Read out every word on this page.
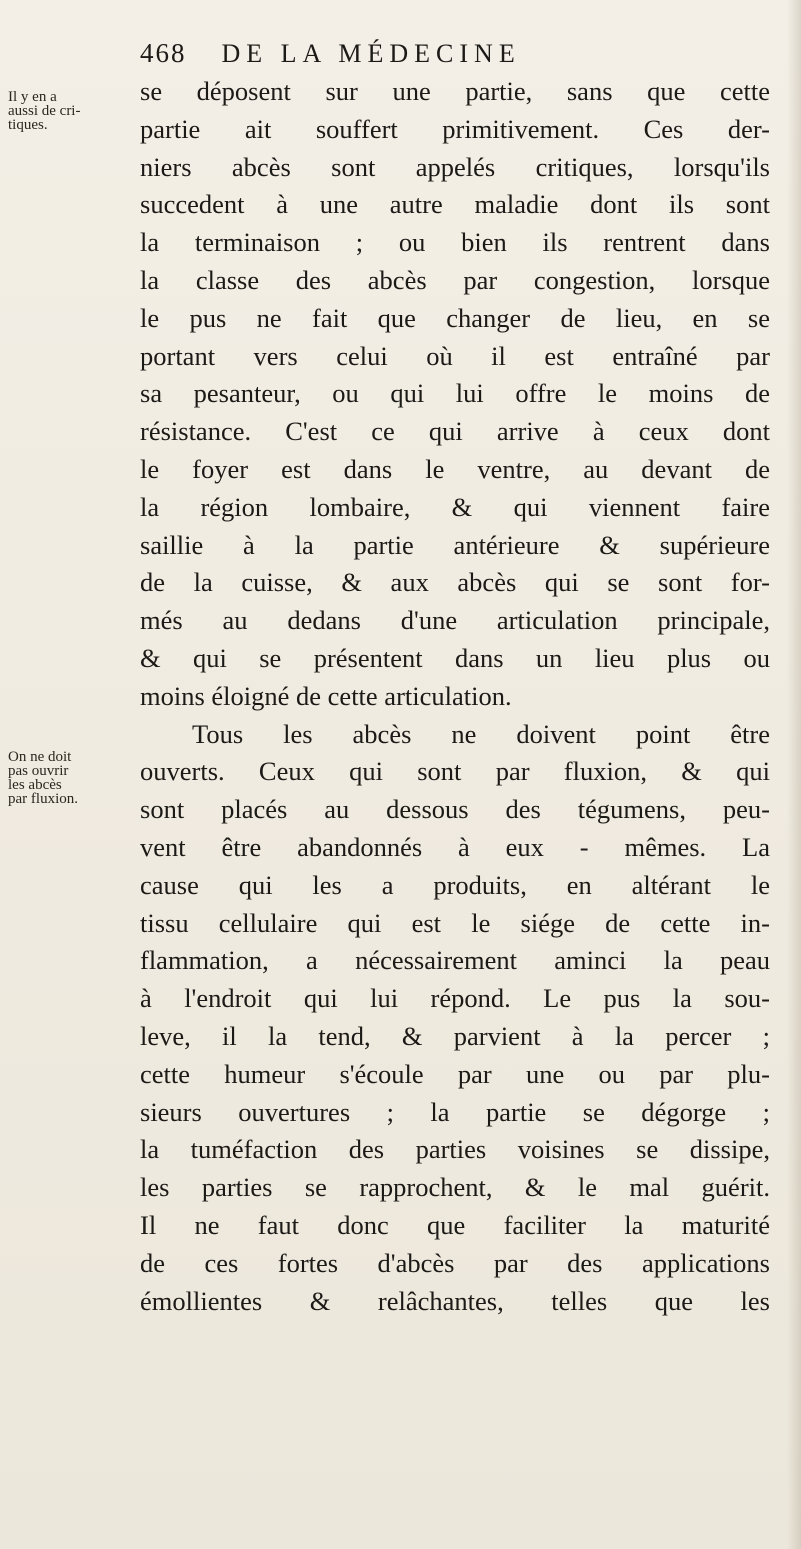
468 DE LA MÉDECINE
Il y en a
aussi de cri-
tiques.
On ne doit
pas ouvrir
les abcès
par fluxion.
se déposent sur une partie, sans que cette
partie ait souffert primitivement. Ces der-
niers abcès sont appelés critiques, lorsqu'ils
succedent à une autre maladie dont ils sont
la terminaison ; ou bien ils rentrent dans
la classe des abcès par congestion, lorsque
le pus ne fait que changer de lieu, en se
portant vers celui où il est entraîné par
sa pesanteur, ou qui lui offre le moins de
résistance. C'est ce qui arrive à ceux dont
le foyer est dans le ventre, au devant de
la région lombaire, & qui viennent faire
saillie à la partie antérieure & supérieure
de la cuisse, & aux abcès qui se sont for-
més au dedans d'une articulation principale,
& qui se présentent dans un lieu plus ou
moins éloigné de cette articulation.
Tous les abcès ne doivent point être
ouverts. Ceux qui sont par fluxion, & qui
sont placés au dessous des tégumens, peu-
vent être abandonnés à eux - mêmes. La
cause qui les a produits, en altérant le
tissu cellulaire qui est le siége de cette in-
flammation, a nécessairement aminci la peau
à l'endroit qui lui répond. Le pus la sou-
leve, il la tend, & parvient à la percer ;
cette humeur s'écoule par une ou par plu-
sieurs ouvertures ; la partie se dégorge ;
la tuméfaction des parties voisines se dissipe,
les parties se rapprochent, & le mal guérit.
Il ne faut donc que faciliter la maturité
de ces fortes d'abcès par des applications
émollientes & relâchantes, telles que les
